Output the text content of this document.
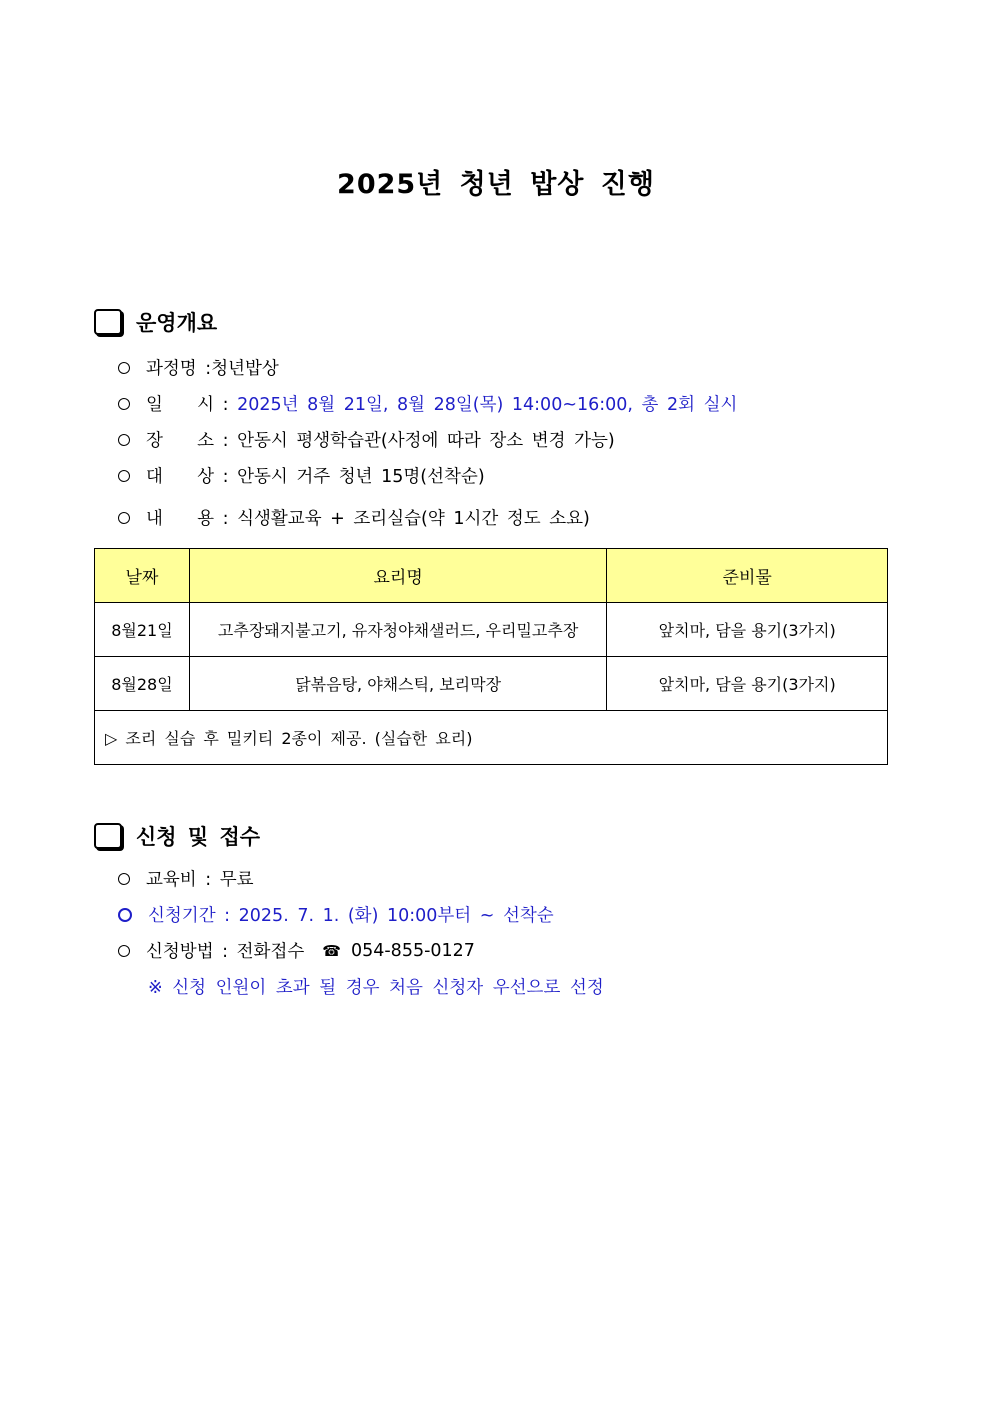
2025년 청년 밥상 진행
운영개요
과정명 : 청년밥상
일    시 : 2025년 8월 21일, 8월 28일(목) 14:00~16:00, 총 2회 실시
장    소 : 안동시 평생학습관(사정에 따라 장소 변경 가능)
대    상 : 안동시 거주 청년 15명(선착순)
내    용 : 식생활교육 + 조리실습(약 1시간 정도 소요)
날짜	요리명	준비물
8월21일	고추장돼지불고기, 유자청야채샐러드, 우리밀고추장	앞치마, 담을 용기(3가지)
8월28일	닭볶음탕, 야채스틱, 보리막장	앞치마, 담을 용기(3가지)
▷ 조리 실습 후 밀키티 2종이 제공. (실습한 요리)		
신청 및 접수
교육비 : 무료
신청기간 : 2025. 7. 1. (화) 10:00부터 ~ 선착순
신청방법 : 전화접수 ☎ 054-855-0127
※ 신청 인원이 초과 될 경우 처음 신청자 우선으로 선정
